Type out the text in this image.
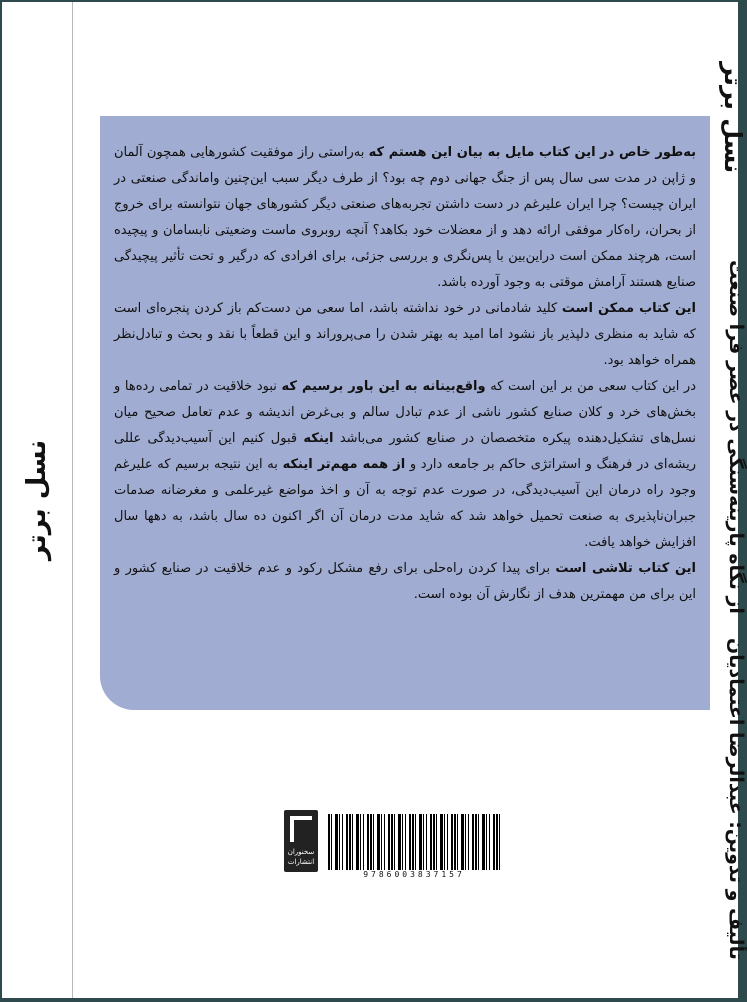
نسل برتر
نسل برتر
از نگاه پارینه‌سنگی در عصر فرا صنعت
تألیف و تدوین: عبدالرضا اعتمادیان

به‌طور خاص در این کتاب مایل به بیان این هستم که به‌راستی راز موفقیت کشورهایی همچون آلمان و ژاپن در مدت سی سال پس از جنگ جهانی دوم چه بود؟ از طرف دیگر سبب این‌چنین واماندگی صنعتی در ایران چیست؟ چرا ایران علیرغم در دست داشتن تجربه‌های صنعتی دیگر کشورهای جهان نتوانسته برای خروج از بحران، راه‌کار موفقی ارائه دهد و از معضلات خود بکاهد؟ آنچه روبروی ماست وضعیتی نابسامان و پیچیده است، هرچند ممکن است دراین‌بین با پس‌نگری و بررسی جزئی، برای افرادی که درگیر و تحت تأثیر پیچیدگی صنایع هستند آرامش موقتی به وجود آورده باشد.

این کتاب ممکن است کلید شادمانی در خود نداشته باشد، اما سعی من دست‌کم باز کردن پنجره‌ای است که شاید به منظری دلپذیر باز نشود اما امید به بهتر شدن را می‌پروراند و این قطعاً با نقد و بحث و تبادل‌نظر همراه خواهد بود.

در این کتاب سعی من بر این است که واقع‌بینانه به این باور برسیم که نبود خلاقیت در تمامی رده‌ها و بخش‌های خرد و کلان صنایع کشور ناشی از عدم تبادل سالم و بی‌غرض اندیشه و عدم تعامل صحیح میان نسل‌های تشکیل‌دهنده پیکره متخصصان در صنایع کشور می‌باشد اینکه قبول کنیم این آسیب‌دیدگی عللی ریشه‌ای در فرهنگ و استراتژی حاکم بر جامعه دارد و از همه مهم‌تر اینکه به این نتیجه برسیم که علیرغم وجود راه درمان این آسیب‌دیدگی، در صورت عدم توجه به آن و اخذ مواضع غیرعلمی و مغرضانه صدمات جبران‌ناپذیری به صنعت تحمیل خواهد شد که شاید مدت درمان آن اگر اکنون ده سال باشد، به دهها سال افزایش خواهد یافت.

این کتاب تلاشی است برای پیدا کردن راه‌حلی برای رفع مشکل رکود و عدم خلاقیت در صنایع کشور و این برای من مهمترین هدف از نگارش آن بوده است.

سخنوران
انتشارات
9786003837157
